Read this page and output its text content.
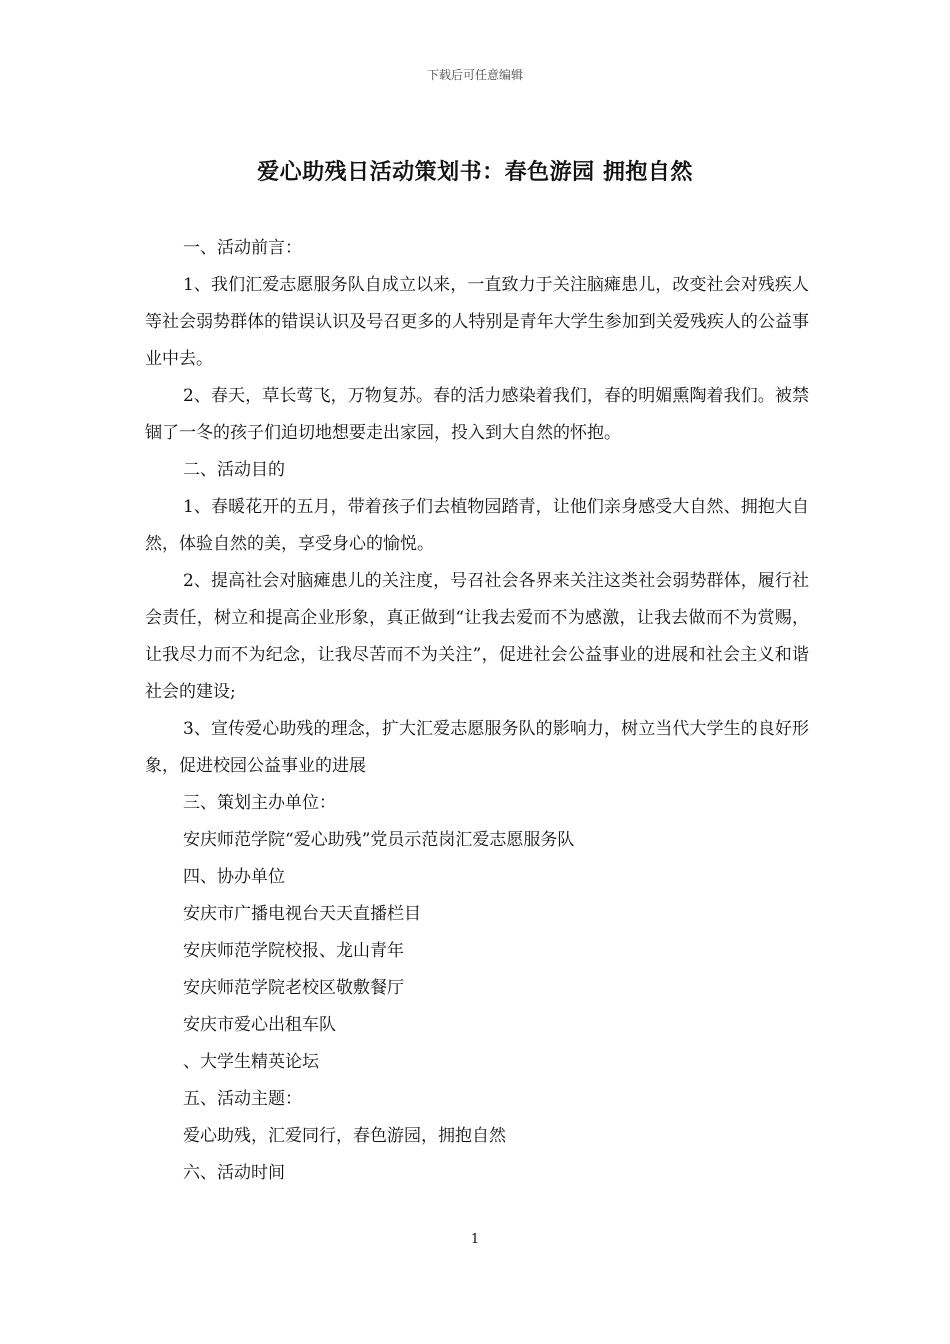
下载后可任意编辑
爱心助残日活动策划书：春色游园 拥抱自然

一、活动前言：

1、我们汇爱志愿服务队自成立以来，一直致力于关注脑瘫患儿，改变社会对残疾人等社会弱势群体的错误认识及号召更多的人特别是青年大学生参加到关爱残疾人的公益事业中去。

2、春天，草长莺飞，万物复苏。春的活力感染着我们，春的明媚熏陶着我们。被禁锢了一冬的孩子们迫切地想要走出家园，投入到大自然的怀抱。

二、活动目的

1、春暖花开的五月，带着孩子们去植物园踏青，让他们亲身感受大自然、拥抱大自然，体验自然的美，享受身心的愉悦。

2、提高社会对脑瘫患儿的关注度，号召社会各界来关注这类社会弱势群体，履行社会责任，树立和提高企业形象，真正做到“让我去爱而不为感激，让我去做而不为赏赐，让我尽力而不为纪念，让我尽苦而不为关注”，促进社会公益事业的进展和社会主义和谐社会的建设;

3、宣传爱心助残的理念，扩大汇爱志愿服务队的影响力，树立当代大学生的良好形象，促进校园公益事业的进展

三、策划主办单位：

安庆师范学院“爱心助残”党员示范岗汇爱志愿服务队

四、协办单位

安庆市广播电视台天天直播栏目

安庆师范学院校报、龙山青年

安庆师范学院老校区敬敷餐厅

安庆市爱心出租车队

、大学生精英论坛

五、活动主题：

爱心助残，汇爱同行，春色游园，拥抱自然

六、活动时间

1
